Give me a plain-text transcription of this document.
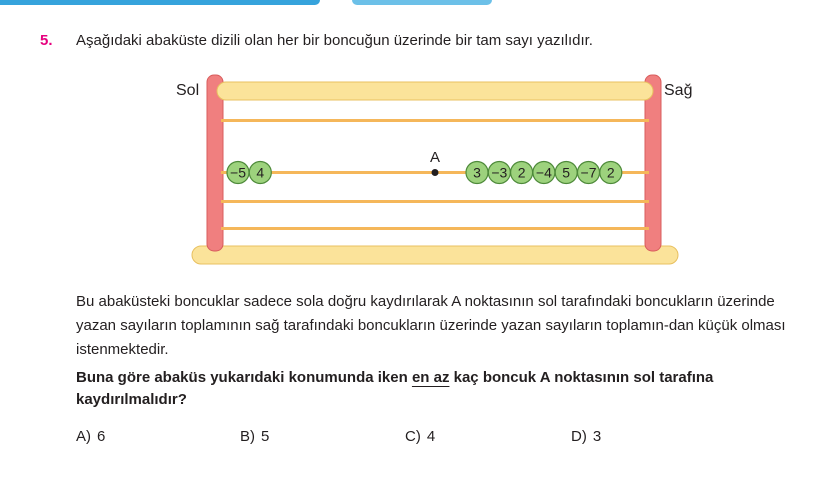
5. Aşağıdaki abaküste dizili olan her bir boncuğun üzerinde bir tam sayı yazılıdır.
Sol	Sağ
A
−5 4	3 −3 2 −4 5 −7 2
Bu abaküsteki boncuklar sadece sola doğru kaydırılarak A noktasının sol tarafındaki boncukların üzerinde yazan sayıların toplamının sağ tarafındaki boncukların üzerinde yazan sayıların toplamın-dan küçük olması istenmektedir.
Buna göre abaküs yukarıdaki konumunda iken en az kaç boncuk A noktasının sol tarafına kaydırılmalıdır?
A) 6	B) 5	C) 4	D) 3
